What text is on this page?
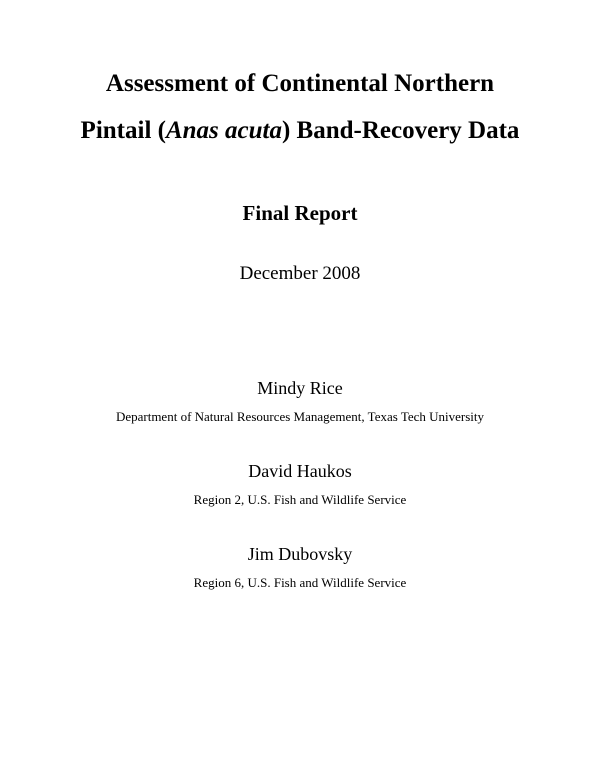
Assessment of Continental Northern
Pintail (Anas acuta) Band-Recovery Data
Final Report
December 2008
Mindy Rice
Department of Natural Resources Management, Texas Tech University
David Haukos
Region 2, U.S. Fish and Wildlife Service
Jim Dubovsky
Region 6, U.S. Fish and Wildlife Service
